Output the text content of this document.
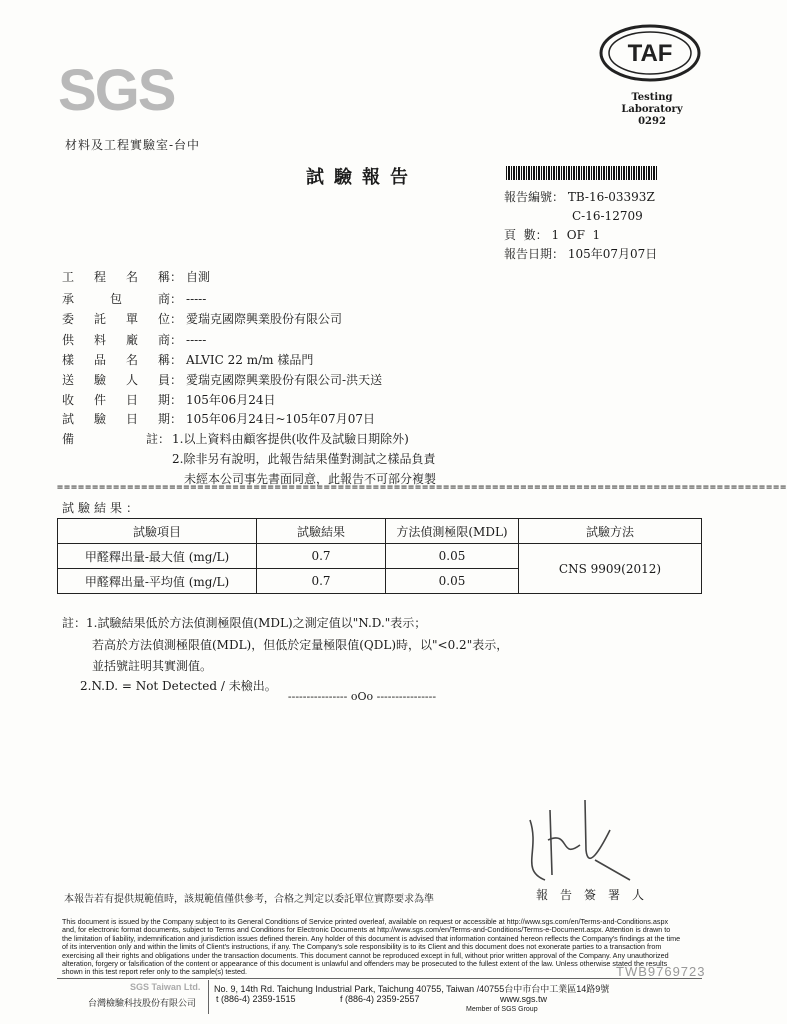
SGS
材料及工程實驗室-台中
TAF
Testing Laboratory
0292
試驗報告
報告編號： TB-16-03393Z
C-16-12709
頁  數： 1  OF  1
報告日期： 105年07月07日
工程名稱： 自測
承包商： -----
委託單位： 愛瑞克國際興業股份有限公司
供料廠商： -----
樣品名稱： ALVIC 22 m/m 樣品門
送驗人員： 愛瑞克國際興業股份有限公司-洪天送
收件日期： 105年06月24日
試驗日期： 105年06月24日~105年07月07日
備	註： 1.以上資料由顧客提供(收件及試驗日期除外)
2.除非另有說明，此報告結果僅對測試之樣品負責
未經本公司事先書面同意，此報告不可部分複製
========================================================================================================
試驗結果：
試驗項目	試驗結果	方法偵測極限(MDL)	試驗方法
甲醛釋出量-最大值 (mg/L)	0.7	0.05	CNS 9909(2012)
甲醛釋出量-平均值 (mg/L)	0.7	0.05	
註：1.試驗結果低於方法偵測極限值(MDL)之測定值以"N.D."表示；
若高於方法偵測極限值(MDL)，但低於定量極限值(QDL)時，以"<0.2"表示，
並括號註明其實測值。
2.N.D. = Not Detected / 未檢出。
---------------- oOo ----------------
本報告若有提供規範值時，該規範值僅供參考，合格之判定以委託單位實際要求為準	報告簽署人
This document is issued by the Company subject to its General Conditions of Service printed overleaf, available on request or accessible at http://www.sgs.com/en/Terms-and-Conditions.aspx
and, for electronic format documents, subject to Terms and Conditions for Electronic Documents at http://www.sgs.com/en/Terms-and-Conditions/Terms-e-Document.aspx. Attention is drawn to
the limitation of liability, indemnification and jurisdiction issues defined therein. Any holder of this document is advised that information contained hereon reflects the Company's findings at the time
of its intervention only and within the limits of Client's instructions, if any. The Company's sole responsibility is to its Client and this document does not exonerate parties to a transaction from
exercising all their rights and obligations under the transaction documents. This document cannot be reproduced except in full, without prior written approval of the Company. Any unauthorized
alteration, forgery or falsification of the content or appearance of this document is unlawful and offenders may be prosecuted to the fullest extent of the law. Unless otherwise stated the results
shown in this test report refer only to the sample(s) tested.	TWB9769723
SGS Taiwan Ltd.
台灣檢驗科技股份有限公司
No. 9, 14th Rd. Taichung Industrial Park, Taichung 40755, Taiwan /40755台中市台中工業區14路9號
t (886-4) 2359-1515	f (886-4) 2359-2557	www.sgs.tw
Member of SGS Group
